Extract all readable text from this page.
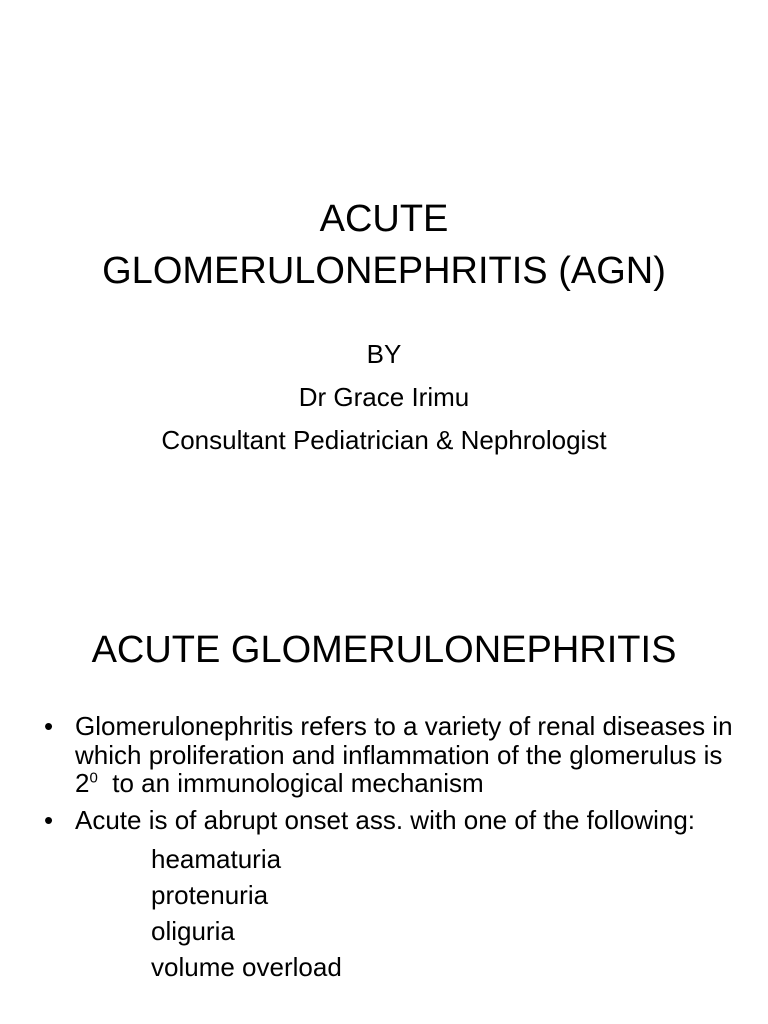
ACUTE
GLOMERULONEPHRITIS (AGN)
BY
Dr Grace Irimu
Consultant Pediatrician & Nephrologist
ACUTE GLOMERULONEPHRITIS
• Glomerulonephritis refers to a variety of renal diseases in which proliferation and inflammation of the glomerulus is $2^0$  to an immunological mechanism
• Acute is of abrupt onset ass. with one of the following:
heamaturia
protenuria
oliguria
volume overload
